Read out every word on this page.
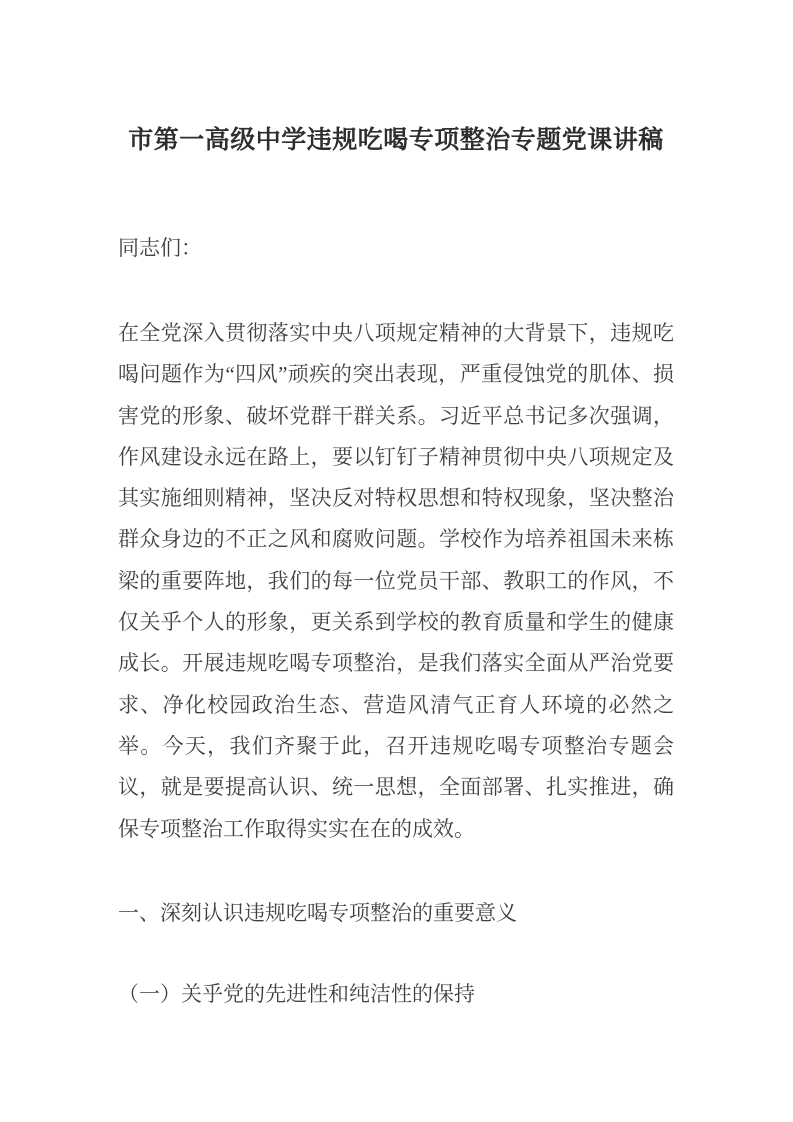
市第一高级中学违规吃喝专项整治专题党课讲稿
同志们：
在全党深入贯彻落实中央八项规定精神的大背景下，违规吃喝问题作为“四风”顽疾的突出表现，严重侵蚀党的肌体、损害党的形象、破坏党群干群关系。习近平总书记多次强调，作风建设永远在路上，要以钉钉子精神贯彻中央八项规定及其实施细则精神，坚决反对特权思想和特权现象，坚决整治群众身边的不正之风和腐败问题。学校作为培养祖国未来栋梁的重要阵地，我们的每一位党员干部、教职工的作风，不仅关乎个人的形象，更关系到学校的教育质量和学生的健康成长。开展违规吃喝专项整治，是我们落实全面从严治党要求、净化校园政治生态、营造风清气正育人环境的必然之举。今天，我们齐聚于此，召开违规吃喝专项整治专题会议，就是要提高认识、统一思想，全面部署、扎实推进，确保专项整治工作取得实实在在的成效。
一、深刻认识违规吃喝专项整治的重要意义
（一）关乎党的先进性和纯洁性的保持
